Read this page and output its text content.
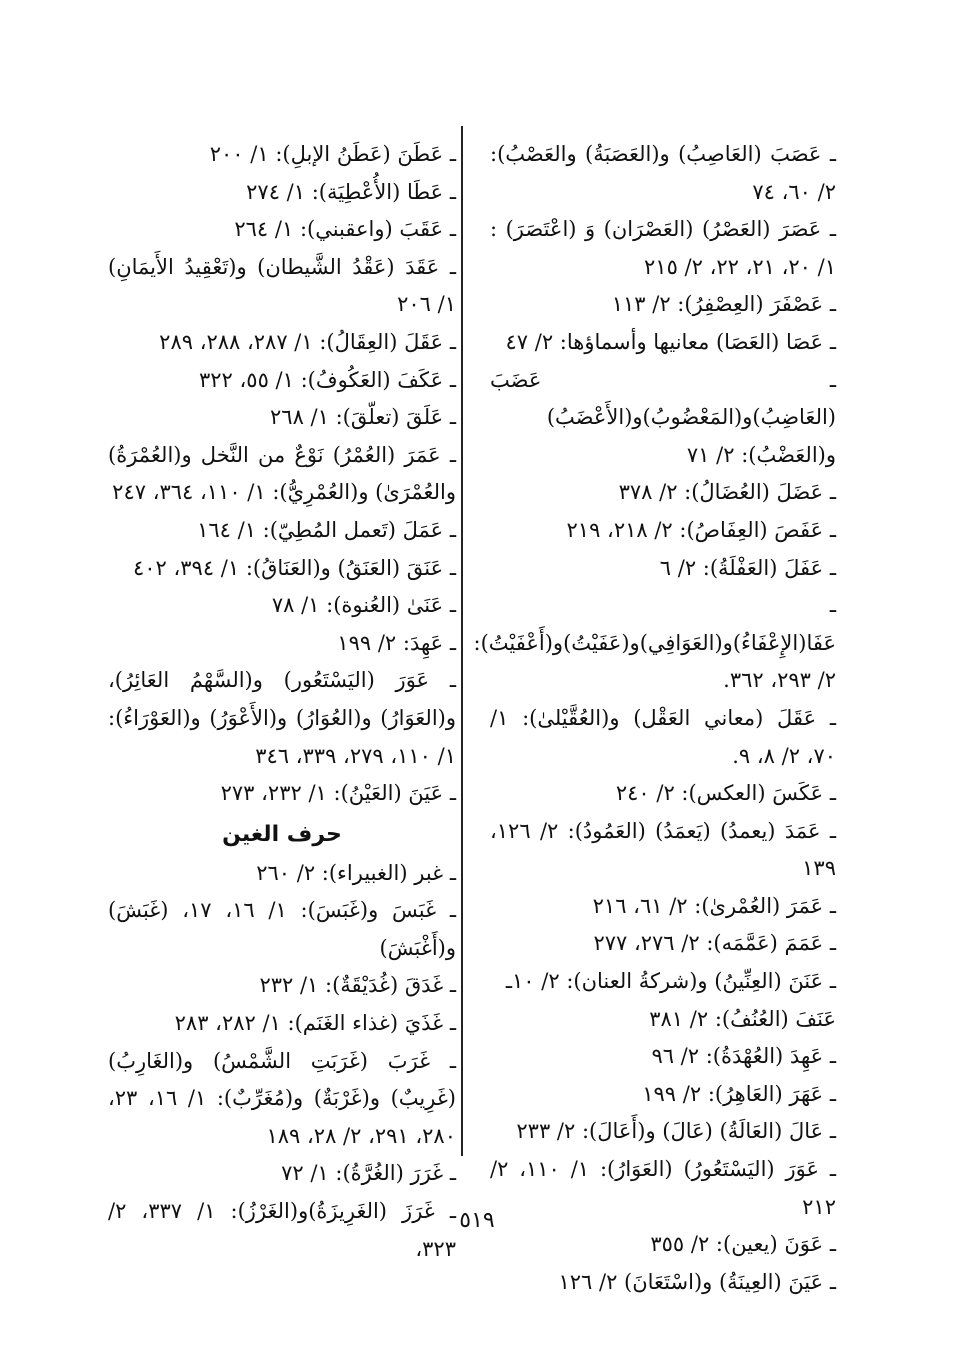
ـ عَصَبَ (العَاصِبُ) و(العَصَبَةُ) والعَصْبُ): ٢/ ٦٠، ٧٤

ـ عَصَرَ (العَصْرُ) (العَصْرَان) وَ (اعْتَصَرَ) : ١/ ٢٠، ٢١، ٢٢، ٢/ ٢١٥

ـ عَصْفَرَ (العِصْفِرُ): ٢/ ١١٣

ـ عَصَا (العَصَا) معانيها وأسماؤها: ٢/ ٤٧

ـ عَضَبَ (العَاضِبُ)و(المَعْضُوبُ)و(الأَعْضَبُ) و(العَضْبُ): ٢/ ٧١

ـ عَضَلَ (العُضَالُ): ٢/ ٣٧٨

ـ عَفَصَ (العِفَاصُ): ٢/ ٢١٨، ٢١٩

ـ عَفَلَ (العَفْلَةُ): ٢/ ٦

ـ عَفَا(الإِعْفَاءُ)و(العَوَافِي)و(عَفَيْتُ)و(أَعْفَيْتُ): ٢/ ٢٩٣، ٣٦٢.

ـ عَقَلَ (معاني العَقْل) و(العُقَّيْلىٰ): ١/ ٧٠، ٢/ ٨، ٩.

ـ عَكَسَ (العكس): ٢/ ٢٤٠

ـ عَمَدَ (يعمدُ) (يَعمَدُ) (العَمُودُ): ٢/ ١٢٦، ١٣٩

ـ عَمَرَ (العُمْرىٰ): ٢/ ٦١، ٢١٦

ـ عَمَمَ (عَمَّمَه): ٢/ ٢٧٦، ٢٧٧

ـ عَنَنَ (العِنِّينُ) و(شركةُ العنان): ٢/ ١٠ـ

عَنَفَ (العُنُفُ): ٢/ ٣٨١

ـ عَهِدَ (العُهْدَةُ): ٢/ ٩٦

ـ عَهَرَ (العَاهِرُ): ٢/ ١٩٩

ـ عَالَ (العَالَةُ) (عَالَ) و(أَعَالَ): ٢/ ٢٣٣

ـ عَوَرَ (اليَسْتَعُورُ) (العَوَارُ): ١/ ١١٠، ٢/ ٢١٢

ـ عَوَنَ (يعين): ٢/ ٣٥٥

ـ عَيَنَ (العِينَةُ) و(اسْتَعَانَ) ٢/ ١٢٦

ـ عَطَنَ (عَطَنُ الإبلِ): ١/ ٢٠٠

ـ عَطَا (الأُعْطِيَة): ١/ ٢٧٤

ـ عَقَبَ (واعقبني): ١/ ٢٦٤

ـ عَقَدَ (عَقْدُ الشَّيطان) و(تَعْقِيدُ الأَيمَانِ) ١/ ٢٠٦

ـ عَقَلَ (العِقَالُ): ١/ ٢٨٧، ٢٨٨، ٢٨٩

ـ عَكَفَ (العَكُوفُ): ١/ ٥٥، ٣٢٢

ـ عَلَقَ (تعلّقَ): ١/ ٢٦٨

ـ عَمَرَ (العُمْرُ) نَوْعٌ من النَّخل و(العُمْرَةُ) والعُمْرَىٰ) و(العُمْرِيُّ): ١/ ١١٠، ٣٦٤، ٢٤٧

ـ عَمَلَ (تَعمل المُطِيّ): ١/ ١٦٤

ـ عَنَقَ (العَنَقُ) و(العَنَاقُ): ١/ ٣٩٤، ٤٠٢

ـ عَنَىٰ (العُنوة): ١/ ٧٨

ـ عَهِدَ: ٢/ ١٩٩

ـ عَوَرَ (اليَسْتَعُور) و(السَّهْمُ العَائِرُ)، و(العَوَارُ) و(العُوَارُ) و(الأَعْوَرُ) و(العَوْرَاءُ): ١/ ١١٠، ٢٧٩، ٣٣٩، ٣٤٦

ـ عَيَنَ (العَيْنُ): ١/ ٢٣٢، ٢٧٣

حرف الغين

ـ غبر (الغبيراء): ٢/ ٢٦٠

ـ غَبَسَ و(غَبَسَ): ١/ ١٦، ١٧، (غَبَشَ) و(أَغْبَشَ)

ـ غَدَقَ (غُدَيْقَةٌ): ١/ ٢٣٢

ـ غَذَيَ (غذاء الغَنَم): ١/ ٢٨٢، ٢٨٣

ـ غَرَبَ (غَرَبَتِ الشَّمْسُ) و(الغَارِبُ) (غَرِيبٌ) و(غَرْبَةٌ) و(مُغَرِّبٌ): ١/ ١٦، ٢٣، ٢٨٠، ٢٩١، ٢/ ٢٨، ١٨٩

ـ غَرَرَ (الغُرَّةُ): ١/ ٧٢

ـ غَرَزَ (الغَرِيزَةُ)و(الغَرْزُ): ١/ ٣٣٧، ٢/ ٣٢٣،

٥١٩
